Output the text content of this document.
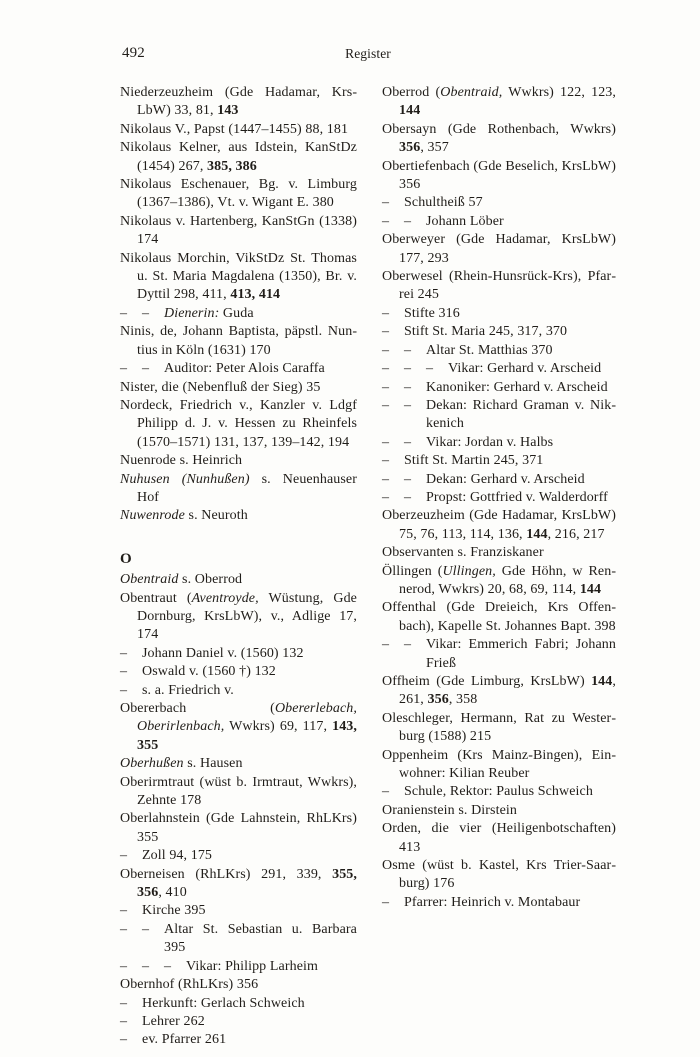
492	Register

Niederzeuzheim (Gde Hadamar, KrsLbW) 33, 81, 143

Nikolaus V., Papst (1447–1455) 88, 181

Nikolaus Kelner, aus Idstein, KanStDz (1454) 267, 385, 386

Nikolaus Eschenauer, Bg. v. Limburg (1367–1386), Vt. v. Wigant E. 380

Nikolaus v. Hartenberg, KanStGn (1338) 174

Nikolaus Morchin, VikStDz St. Thomas u. St. Maria Magdalena (1350), Br. v. Dyttil 298, 411, 413, 414

– – Dienerin: Guda

Ninis, de, Johann Baptista, päpstl. Nuntius in Köln (1631) 170

– – Auditor: Peter Alois Caraffa

Nister, die (Nebenfluß der Sieg) 35

Nordeck, Friedrich v., Kanzler v. Ldgf Philipp d. J. v. Hessen zu Rheinfels (1570–1571) 131, 137, 139–142, 194

Nuenrode s. Heinrich

Nuhusen (Nunhußen) s. Neuenhauser Hof

Nuwenrode s. Neuroth

O

Obentraid s. Oberrod

Obentraut (Aventroyde, Wüstung, Gde Dornburg, KrsLbW), v., Adlige 17, 174

– Johann Daniel v. (1560) 132

– Oswald v. (1560 †) 132

– s. a. Friedrich v.

Obererbach (Obererlebach, Oberirlenbach, Wwkrs) 69, 117, 143, 355

Oberhußen s. Hausen

Oberirmtraut (wüst b. Irmtraut, Wwkrs), Zehnte 178

Oberlahnstein (Gde Lahnstein, RhLKrs) 355

– Zoll 94, 175

Oberneisen (RhLKrs) 291, 339, 355, 356, 410

– Kirche 395

– – Altar St. Sebastian u. Barbara 395

– – – Vikar: Philipp Larheim

Obernhof (RhLKrs) 356

– Herkunft: Gerlach Schweich

– Lehrer 262

– ev. Pfarrer 261

Oberrod (Obentraid, Wwkrs) 122, 123, 144

Obersayn (Gde Rothenbach, Wwkrs) 356, 357

Obertiefenbach (Gde Beselich, KrsLbW) 356

– Schultheiß 57

– – Johann Löber

Oberweyer (Gde Hadamar, KrsLbW) 177, 293

Oberwesel (Rhein-Hunsrück-Krs), Pfarrei 245

– Stifte 316

– Stift St. Maria 245, 317, 370

– – Altar St. Matthias 370

– – – Vikar: Gerhard v. Arscheid

– – Kanoniker: Gerhard v. Arscheid

– – Dekan: Richard Graman v. Nikkenich

– – Vikar: Jordan v. Halbs

– Stift St. Martin 245, 371

– – Dekan: Gerhard v. Arscheid

– – Propst: Gottfried v. Walderdorff

Oberzeuzheim (Gde Hadamar, KrsLbW) 75, 76, 113, 114, 136, 144, 216, 217

Observanten s. Franziskaner

Öllingen (Ullingen, Gde Höhn, w Rennerod, Wwkrs) 20, 68, 69, 114, 144

Offenthal (Gde Dreieich, Krs Offenbach), Kapelle St. Johannes Bapt. 398

– – Vikar: Emmerich Fabri; Johann Frieß

Offheim (Gde Limburg, KrsLbW) 144, 261, 356, 358

Oleschleger, Hermann, Rat zu Westerburg (1588) 215

Oppenheim (Krs Mainz-Bingen), Einwohner: Kilian Reuber

– Schule, Rektor: Paulus Schweich

Oranienstein s. Dirstein

Orden, die vier (Heiligenbotschaften) 413

Osme (wüst b. Kastel, Krs Trier-Saarburg) 176

– Pfarrer: Heinrich v. Montabaur
